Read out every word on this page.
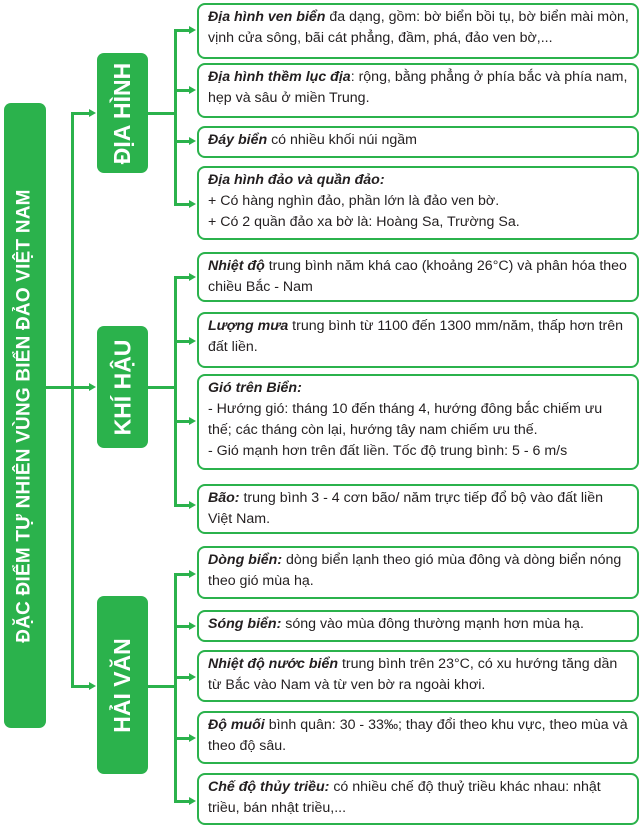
ĐẶC ĐIỂM TỰ NHIÊN VÙNG BIỂN ĐẢO VIỆT NAM
ĐỊA HÌNH
KHÍ HẬU
HẢI VĂN
Địa hình ven biển đa dạng, gồm: bờ biển bồi tụ, bờ biển mài mòn, vịnh cửa sông, bãi cát phẳng, đầm, phá, đảo ven bờ,...
Địa hình thềm lục địa: rộng, bằng phẳng ở phía bắc và phía nam, hẹp và sâu ở miền Trung.
Đáy biển có nhiều khối núi ngầm
Địa hình đảo và quần đảo:
+ Có hàng nghìn đảo, phần lớn là đảo ven bờ.
+ Có 2 quần đảo xa bờ là: Hoàng Sa, Trường Sa.
Nhiệt độ trung bình năm khá cao (khoảng 26°C) và phân hóa theo chiều Bắc - Nam
Lượng mưa trung bình từ 1100 đến 1300 mm/năm, thấp hơn trên đất liền.
Gió trên Biển:
- Hướng gió: tháng 10 đến tháng 4, hướng đông bắc chiếm ưu thế; các tháng còn lại, hướng tây nam chiếm ưu thế.
- Gió mạnh hơn trên đất liền. Tốc độ trung bình: 5 - 6 m/s
Bão: trung bình 3 - 4 cơn bão/ năm trực tiếp đổ bộ vào đất liền Việt Nam.
Dòng biển: dòng biển lạnh theo gió mùa đông và dòng biển nóng theo gió mùa hạ.
Sóng biển: sóng vào mùa đông thường mạnh hơn mùa hạ.
Nhiệt độ nước biển trung bình trên 23°C, có xu hướng tăng dần từ Bắc vào Nam và từ ven bờ ra ngoài khơi.
Độ muối bình quân: 30 - 33‰; thay đổi theo khu vực, theo mùa và theo độ sâu.
Chế độ thủy triều: có nhiều chế độ thuỷ triều khác nhau: nhật triều, bán nhật triều,...
